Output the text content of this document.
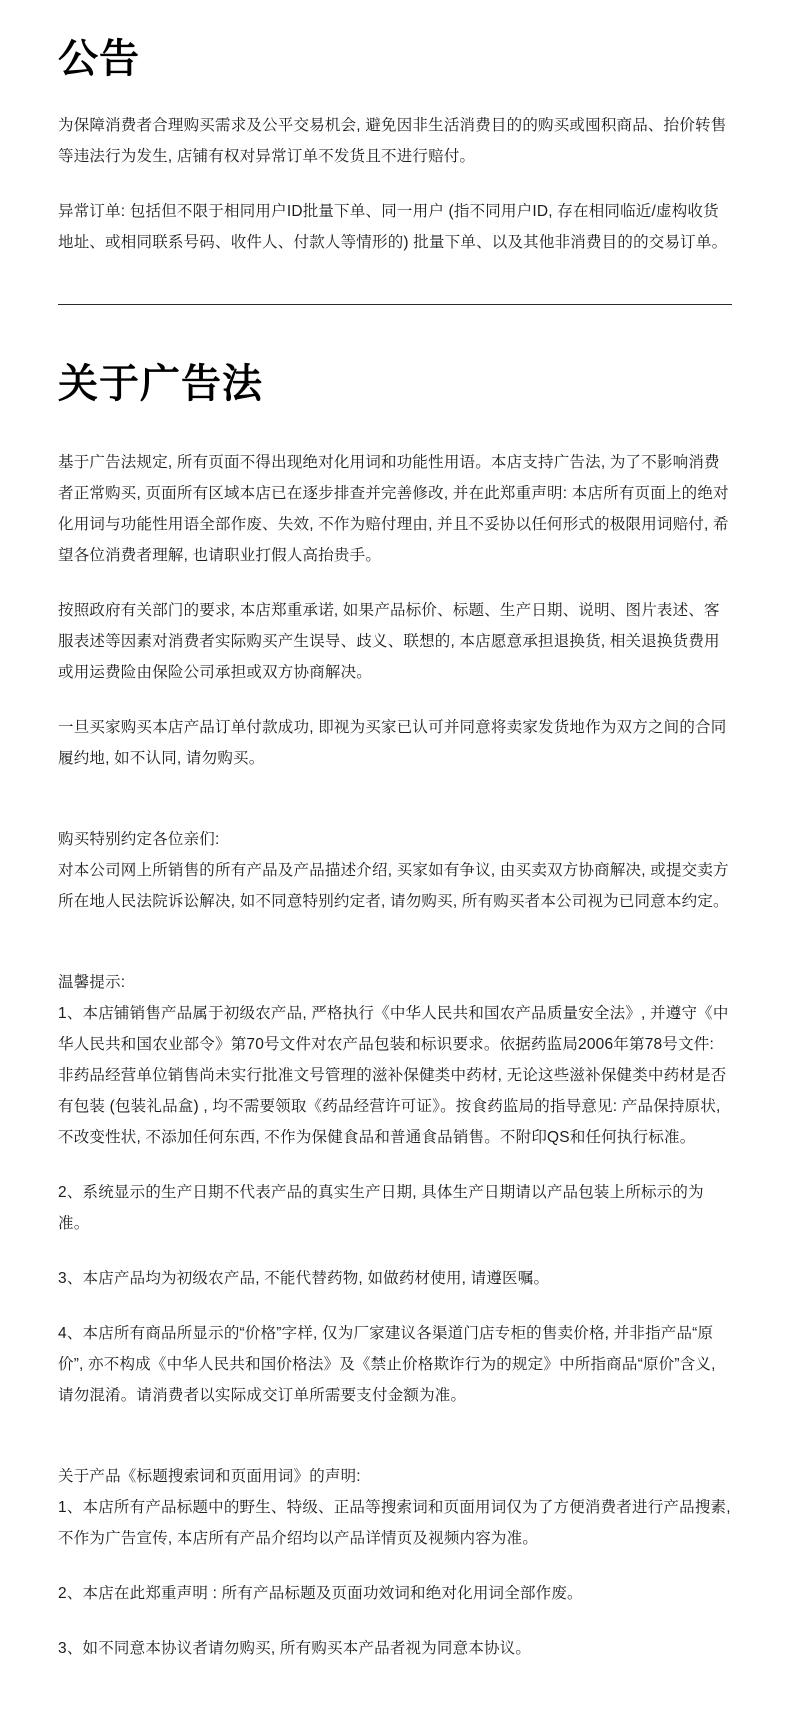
公告

为保障消费者合理购买需求及公平交易机会, 避免因非生活消费目的的购买或囤积商品、抬价转售等违法行为发生, 店铺有权对异常订单不发货且不进行赔付。

异常订单: 包括但不限于相同用户ID批量下单、同一用户 (指不同用户ID, 存在相同临近/虚构收货地址、或相同联系号码、收件人、付款人等情形的) 批量下单、以及其他非消费目的的交易订单。

关于广告法

基于广告法规定, 所有页面不得出现绝对化用词和功能性用语。本店支持广告法, 为了不影响消费者正常购买, 页面所有区域本店已在逐步排查并完善修改, 并在此郑重声明: 本店所有页面上的绝对化用词与功能性用语全部作废、失效, 不作为赔付理由, 并且不妥协以任何形式的极限用词赔付, 希望各位消费者理解, 也请职业打假人高抬贵手。

按照政府有关部门的要求, 本店郑重承诺, 如果产品标价、标题、生产日期、说明、图片表述、客服表述等因素对消费者实际购买产生误导、歧义、联想的, 本店愿意承担退换货, 相关退换货费用或用运费险由保险公司承担或双方协商解决。

一旦买家购买本店产品订单付款成功, 即视为买家已认可并同意将卖家发货地作为双方之间的合同履约地, 如不认同, 请勿购买。

购买特别约定各位亲们:

对本公司网上所销售的所有产品及产品描述介绍, 买家如有争议, 由买卖双方协商解决, 或提交卖方所在地人民法院诉讼解决, 如不同意特别约定者, 请勿购买, 所有购买者本公司视为已同意本约定。

温馨提示:

1、本店铺销售产品属于初级农产品, 严格执行《中华人民共和国农产品质量安全法》, 并遵守《中华人民共和国农业部令》第70号文件对农产品包装和标识要求。依据药监局2006年第78号文件: 非药品经营单位销售尚未实行批准文号管理的滋补保健类中药材, 无论这些滋补保健类中药材是否有包装 (包装礼品盒) , 均不需要领取《药品经营许可证》。按食药监局的指导意见: 产品保持原状, 不改变性状, 不添加任何东西, 不作为保健食品和普通食品销售。不附印QS和任何执行标准。

2、系统显示的生产日期不代表产品的真实生产日期, 具体生产日期请以产品包装上所标示的为准。

3、本店产品均为初级农产品, 不能代替药物, 如做药材使用, 请遵医嘱。

4、本店所有商品所显示的“价格”字样, 仅为厂家建议各渠道门店专柜的售卖价格, 并非指产品“原价”, 亦不构成《中华人民共和国价格法》及《禁止价格欺诈行为的规定》中所指商品“原价”含义, 请勿混淆。请消费者以实际成交订单所需要支付金额为准。

关于产品《标题搜索词和页面用词》的声明:

1、本店所有产品标题中的野生、特级、正品等搜索词和页面用词仅为了方便消费者进行产品搜素, 不作为广告宣传, 本店所有产品介绍均以产品详情页及视频内容为准。

2、本店在此郑重声明 : 所有产品标题及页面功效词和绝对化用词全部作废。

3、如不同意本协议者请勿购买, 所有购买本产品者视为同意本协议。
